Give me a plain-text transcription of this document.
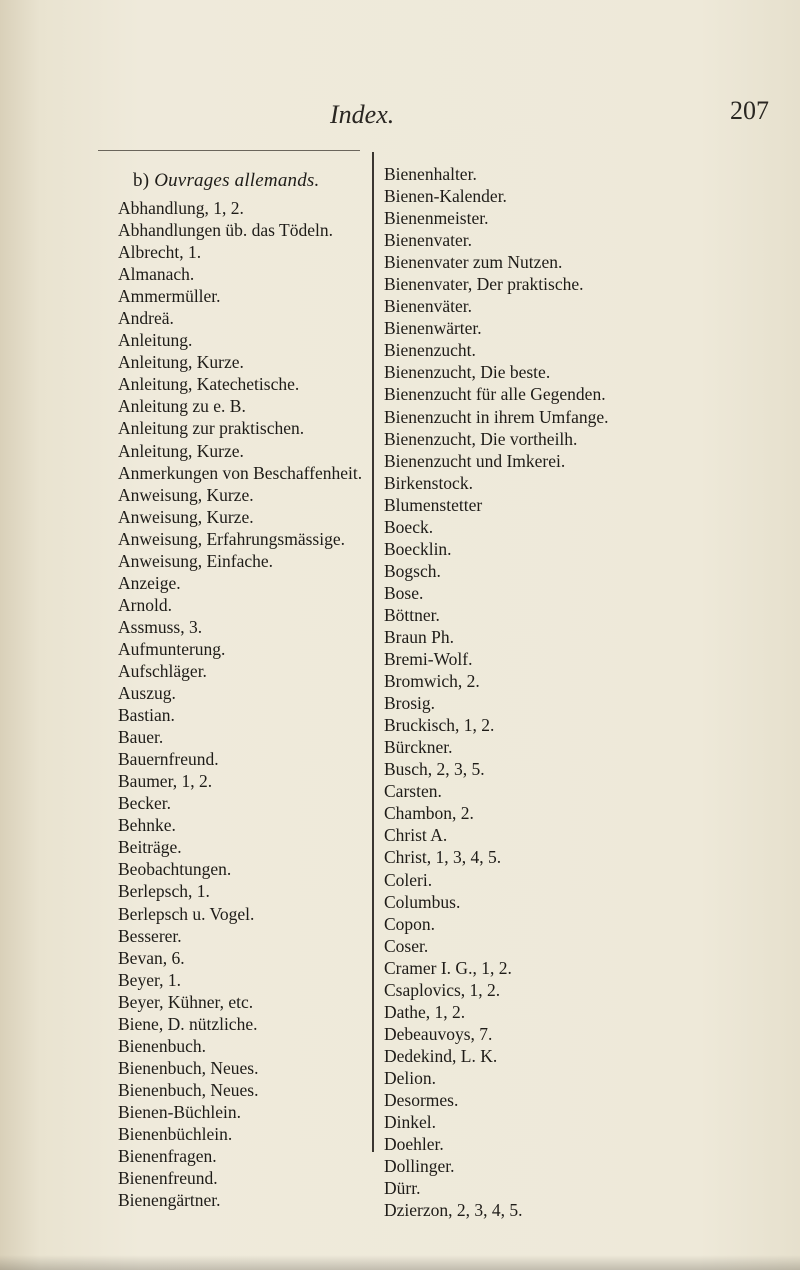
Index.	207
b) Ouvrages allemands.
Abhandlung, 1, 2.
Abhandlungen üb. das Tödeln.
Albrecht, 1.
Almanach.
Ammermüller.
Andreä.
Anleitung.
Anleitung, Kurze.
Anleitung, Katechetische.
Anleitung zu e. B.
Anleitung zur praktischen.
Anleitung, Kurze.
Anmerkungen von Beschaffenheit.
Anweisung, Kurze.
Anweisung, Kurze.
Anweisung, Erfahrungsmässige.
Anweisung, Einfache.
Anzeige.
Arnold.
Assmuss, 3.
Aufmunterung.
Aufschläger.
Auszug.
Bastian.
Bauer.
Bauernfreund.
Baumer, 1, 2.
Becker.
Behnke.
Beiträge.
Beobachtungen.
Berlepsch, 1.
Berlepsch u. Vogel.
Besserer.
Bevan, 6.
Beyer, 1.
Beyer, Kühner, etc.
Biene, D. nützliche.
Bienenbuch.
Bienenbuch, Neues.
Bienenbuch, Neues.
Bienen-Büchlein.
Bienenbüchlein.
Bienenfragen.
Bienenfreund.
Bienengärtner.
Bienenhalter.
Bienen-Kalender.
Bienenmeister.
Bienenvater.
Bienenvater zum Nutzen.
Bienenvater, Der praktische.
Bienenväter.
Bienenwärter.
Bienenzucht.
Bienenzucht, Die beste.
Bienenzucht für alle Gegenden.
Bienenzucht in ihrem Umfange.
Bienenzucht, Die vortheilh.
Bienenzucht und Imkerei.
Birkenstock.
Blumenstetter
Boeck.
Boecklin.
Bogsch.
Bose.
Böttner.
Braun Ph.
Bremi-Wolf.
Bromwich, 2.
Brosig.
Bruckisch, 1, 2.
Bürckner.
Busch, 2, 3, 5.
Carsten.
Chambon, 2.
Christ A.
Christ, 1, 3, 4, 5.
Coleri.
Columbus.
Copon.
Coser.
Cramer I. G., 1, 2.
Csaplovics, 1, 2.
Dathe, 1, 2.
Debeauvoys, 7.
Dedekind, L. K.
Delion.
Desormes.
Dinkel.
Doehler.
Dollinger.
Dürr.
Dzierzon, 2, 3, 4, 5.
